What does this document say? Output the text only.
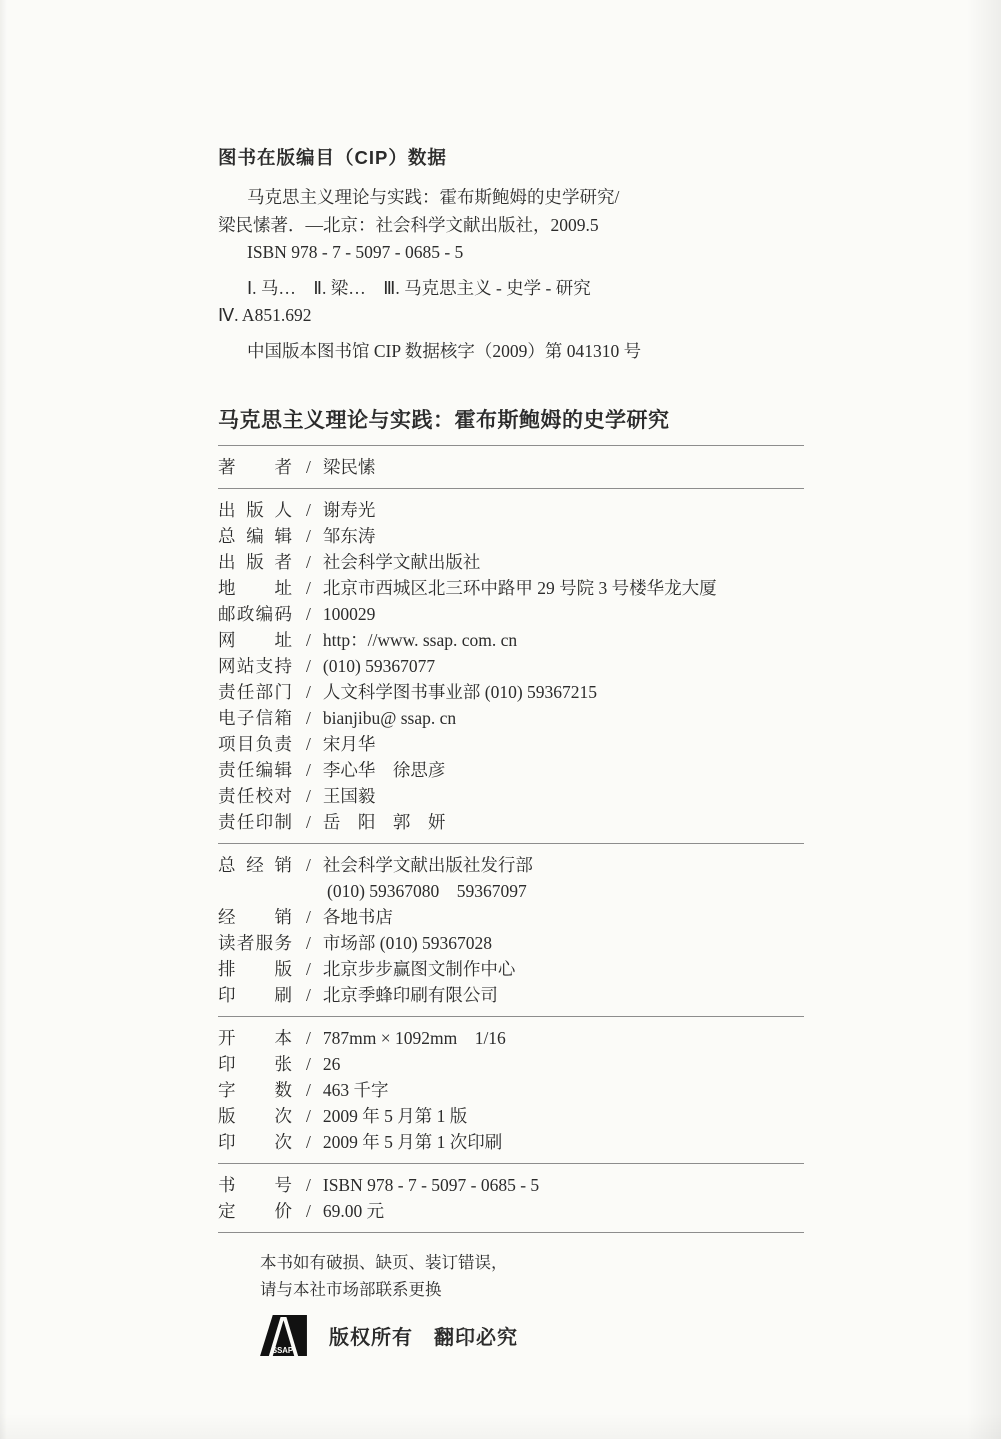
图书在版编目（CIP）数据

马克思主义理论与实践：霍布斯鲍姆的史学研究/

梁民愫著．—北京：社会科学文献出版社，2009.5

ISBN 978 - 7 - 5097 - 0685 - 5

Ⅰ. 马…　Ⅱ. 梁…　Ⅲ. 马克思主义 - 史学 - 研究

Ⅳ. A851.692

中国版本图书馆 CIP 数据核字（2009）第 041310 号

马克思主义理论与实践：霍布斯鲍姆的史学研究
著者 / 梁民愫
出版人 / 谢寿光
总编辑 / 邹东涛
出版者 / 社会科学文献出版社
地址 / 北京市西城区北三环中路甲 29 号院 3 号楼华龙大厦
邮政编码 / 100029
网址 / http：//www. ssap. com. cn
网站支持 / (010) 59367077
责任部门 / 人文科学图书事业部 (010) 59367215
电子信箱 / bianjibu@ ssap. cn
项目负责 / 宋月华
责任编辑 / 李心华　徐思彦
责任校对 / 王国毅
责任印制 / 岳　阳　郭　妍
总经销 / 社会科学文献出版社发行部
(010) 59367080　59367097
经销 / 各地书店
读者服务 / 市场部 (010) 59367028
排版 / 北京步步赢图文制作中心
印刷 / 北京季蜂印刷有限公司
开本 / 787mm × 1092mm　1/16
印张 / 26
字数 / 463 千字
版次 / 2009 年 5 月第 1 版
印次 / 2009 年 5 月第 1 次印刷
书号 / ISBN 978 - 7 - 5097 - 0685 - 5
定价 / 69.00 元

本书如有破损、缺页、装订错误，

请与本社市场部联系更换

SSAP
版权所有　翻印必究
